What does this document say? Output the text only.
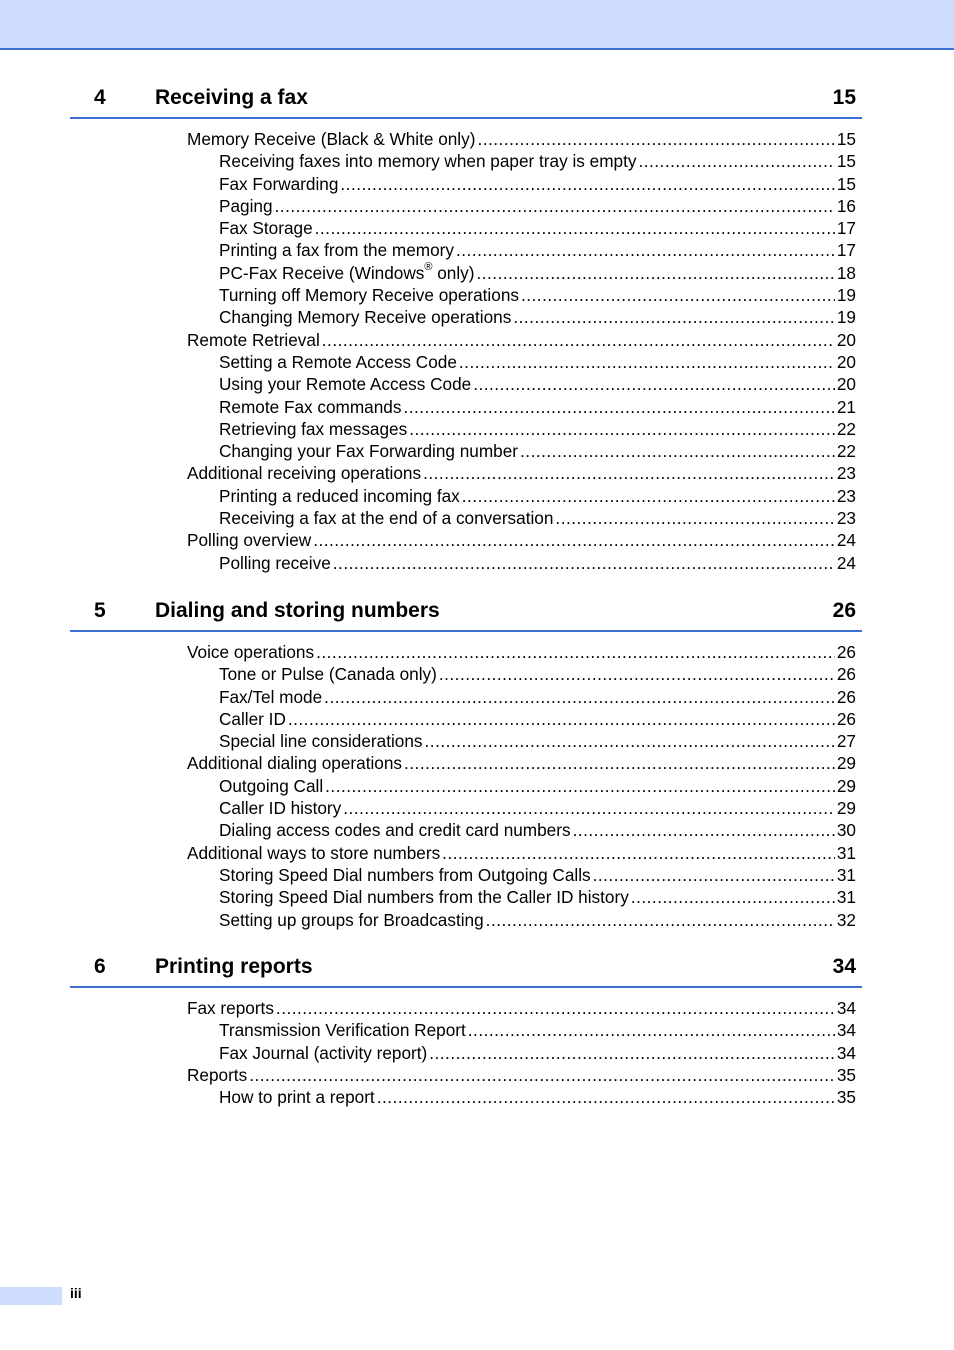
4 Receiving a fax	15
Memory Receive (Black & White only) .....	15
Receiving faxes into memory when paper tray is empty .....	15
Fax Forwarding .....	15
Paging .....	16
Fax Storage .....	17
Printing a fax from the memory .....	17
PC-Fax Receive (Windows® only) .....	18
Turning off Memory Receive operations .....	19
Changing Memory Receive operations .....	19
Remote Retrieval .....	20
Setting a Remote Access Code .....	20
Using your Remote Access Code .....	20
Remote Fax commands .....	21
Retrieving fax messages .....	22
Changing your Fax Forwarding number .....	22
Additional receiving operations .....	23
Printing a reduced incoming fax .....	23
Receiving a fax at the end of a conversation .....	23
Polling overview .....	24
Polling receive .....	24
5 Dialing and storing numbers	26
Voice operations .....	26
Tone or Pulse (Canada only) .....	26
Fax/Tel mode .....	26
Caller ID .....	26
Special line considerations .....	27
Additional dialing operations .....	29
Outgoing Call .....	29
Caller ID history .....	29
Dialing access codes and credit card numbers .....	30
Additional ways to store numbers .....	31
Storing Speed Dial numbers from Outgoing Calls .....	31
Storing Speed Dial numbers from the Caller ID history .....	31
Setting up groups for Broadcasting .....	32
6 Printing reports	34
Fax reports .....	34
Transmission Verification Report .....	34
Fax Journal (activity report) .....	34
Reports .....	35
How to print a report .....	35
iii
